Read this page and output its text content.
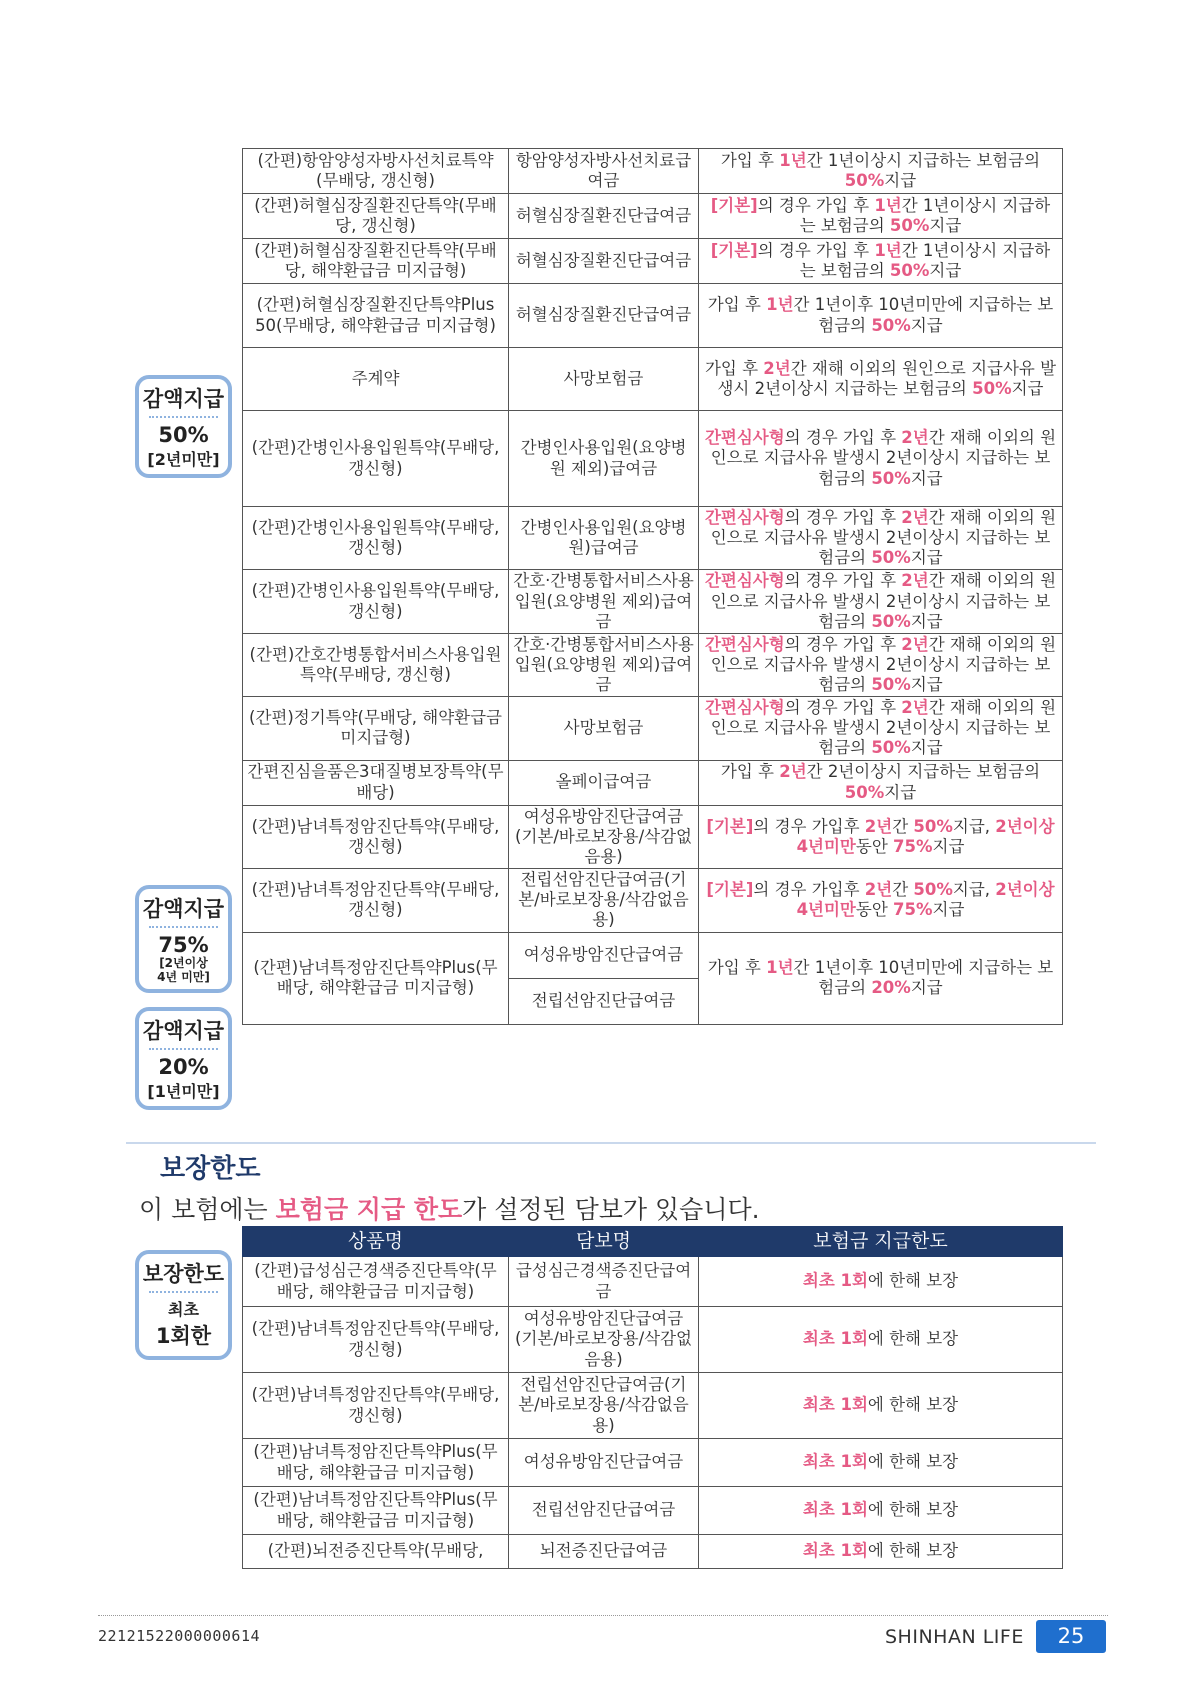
감액지급
50%
[2년미만]
감액지급
75%
[2년이상
4년 미만]
감액지급
20%
[1년미만]
보장한도
최초
1회한
(간편)항암양성자방사선치료특약(무배당, 갱신형)	항암양성자방사선치료급여금	가입 후 1년간 1년이상시 지급하는 보험금의 50%지급
(간편)허혈심장질환진단특약(무배당, 갱신형)	허혈심장질환진단급여금	[기본]의 경우 가입 후 1년간 1년이상시 지급하는 보험금의 50%지급
(간편)허혈심장질환진단특약(무배당, 해약환급금 미지급형)	허혈심장질환진단급여금	[기본]의 경우 가입 후 1년간 1년이상시 지급하는 보험금의 50%지급
(간편)허혈심장질환진단특약Plus 50(무배당, 해약환급금 미지급형)	허혈심장질환진단급여금	가입 후 1년간 1년이후 10년미만에 지급하는 보험금의 50%지급
주계약	사망보험금	가입 후 2년간 재해 이외의 원인으로 지급사유 발생시 2년이상시 지급하는 보험금의 50%지급
(간편)간병인사용입원특약(무배당, 갱신형)	간병인사용입원(요양병원 제외)급여금	간편심사형의 경우 가입 후 2년간 재해 이외의 원인으로 지급사유 발생시 2년이상시 지급하는 보험금의 50%지급
(간편)간병인사용입원특약(무배당, 갱신형)	간병인사용입원(요양병원)급여금	간편심사형의 경우 가입 후 2년간 재해 이외의 원인으로 지급사유 발생시 2년이상시 지급하는 보험금의 50%지급
(간편)간병인사용입원특약(무배당, 갱신형)	간호·간병통합서비스사용입원(요양병원 제외)급여금	간편심사형의 경우 가입 후 2년간 재해 이외의 원인으로 지급사유 발생시 2년이상시 지급하는 보험금의 50%지급
(간편)간호간병통합서비스사용입원특약(무배당, 갱신형)	간호·간병통합서비스사용입원(요양병원 제외)급여금	간편심사형의 경우 가입 후 2년간 재해 이외의 원인으로 지급사유 발생시 2년이상시 지급하는 보험금의 50%지급
(간편)정기특약(무배당, 해약환급금 미지급형)	사망보험금	간편심사형의 경우 가입 후 2년간 재해 이외의 원인으로 지급사유 발생시 2년이상시 지급하는 보험금의 50%지급
간편진심을품은3대질병보장특약(무배당)	올페이급여금	가입 후 2년간 2년이상시 지급하는 보험금의 50%지급
(간편)남녀특정암진단특약(무배당, 갱신형)	여성유방암진단급여금(기본/바로보장용/삭감없음용)	[기본]의 경우 가입후 2년간 50%지급, 2년이상 4년미만동안 75%지급
(간편)남녀특정암진단특약(무배당, 갱신형)	전립선암진단급여금(기본/바로보장용/삭감없음용)	[기본]의 경우 가입후 2년간 50%지급, 2년이상 4년미만동안 75%지급
(간편)남녀특정암진단특약Plus(무배당, 해약환급금 미지급형)	여성유방암진단급여금	가입 후 1년간 1년이후 10년미만에 지급하는 보험금의 20%지급
	전립선암진단급여금	
보장한도
이 보험에는 보험금 지급 한도가 설정된 담보가 있습니다.
상품명	담보명	보험금 지급한도
(간편)급성심근경색증진단특약(무배당, 해약환급금 미지급형)	급성심근경색증진단급여금	최초 1회에 한해 보장
(간편)남녀특정암진단특약(무배당, 갱신형)	여성유방암진단급여금(기본/바로보장용/삭감없음용)	최초 1회에 한해 보장
(간편)남녀특정암진단특약(무배당, 갱신형)	전립선암진단급여금(기본/바로보장용/삭감없음용)	최초 1회에 한해 보장
(간편)남녀특정암진단특약Plus(무배당, 해약환급금 미지급형)	여성유방암진단급여금	최초 1회에 한해 보장
(간편)남녀특정암진단특약Plus(무배당, 해약환급금 미지급형)	전립선암진단급여금	최초 1회에 한해 보장
(간편)뇌전증진단특약(무배당,	뇌전증진단급여금	최초 1회에 한해 보장
22121522000000614	SHINHAN LIFE	25
